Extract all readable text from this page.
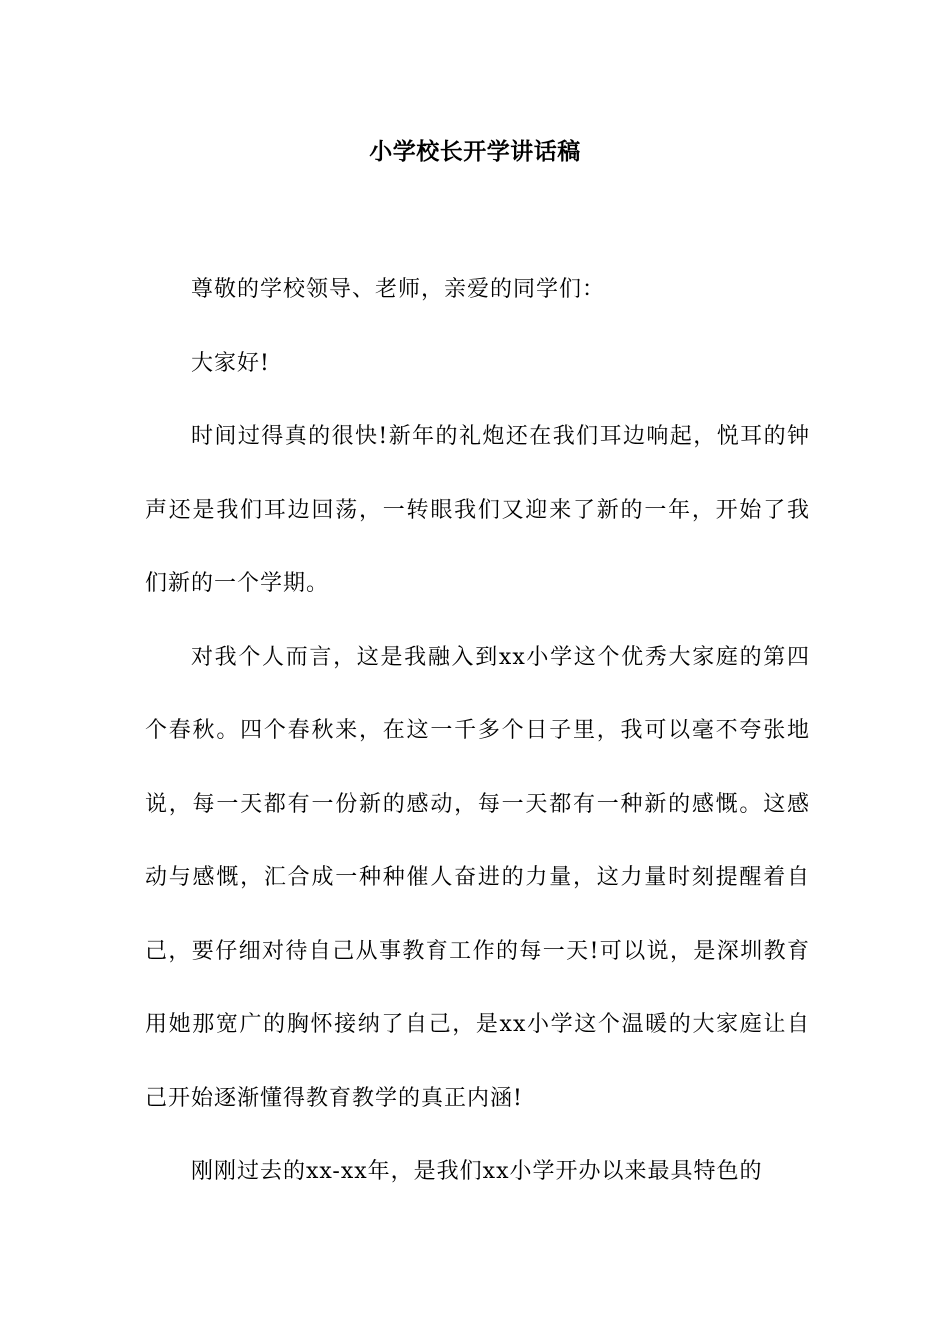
小学校长开学讲话稿

尊敬的学校领导、老师，亲爱的同学们：

大家好!

时间过得真的很快!新年的礼炮还在我们耳边响起，悦耳的钟声还是我们耳边回荡，一转眼我们又迎来了新的一年，开始了我们新的一个学期。

对我个人而言，这是我融入到xx小学这个优秀大家庭的第四个春秋。四个春秋来，在这一千多个日子里，我可以毫不夸张地说，每一天都有一份新的感动，每一天都有一种新的感慨。这感动与感慨，汇合成一种种催人奋进的力量，这力量时刻提醒着自己，要仔细对待自己从事教育工作的每一天!可以说，是深圳教育用她那宽广的胸怀接纳了自己，是xx小学这个温暖的大家庭让自己开始逐渐懂得教育教学的真正内涵!

刚刚过去的xx-xx年，是我们xx小学开办以来最具特色的
